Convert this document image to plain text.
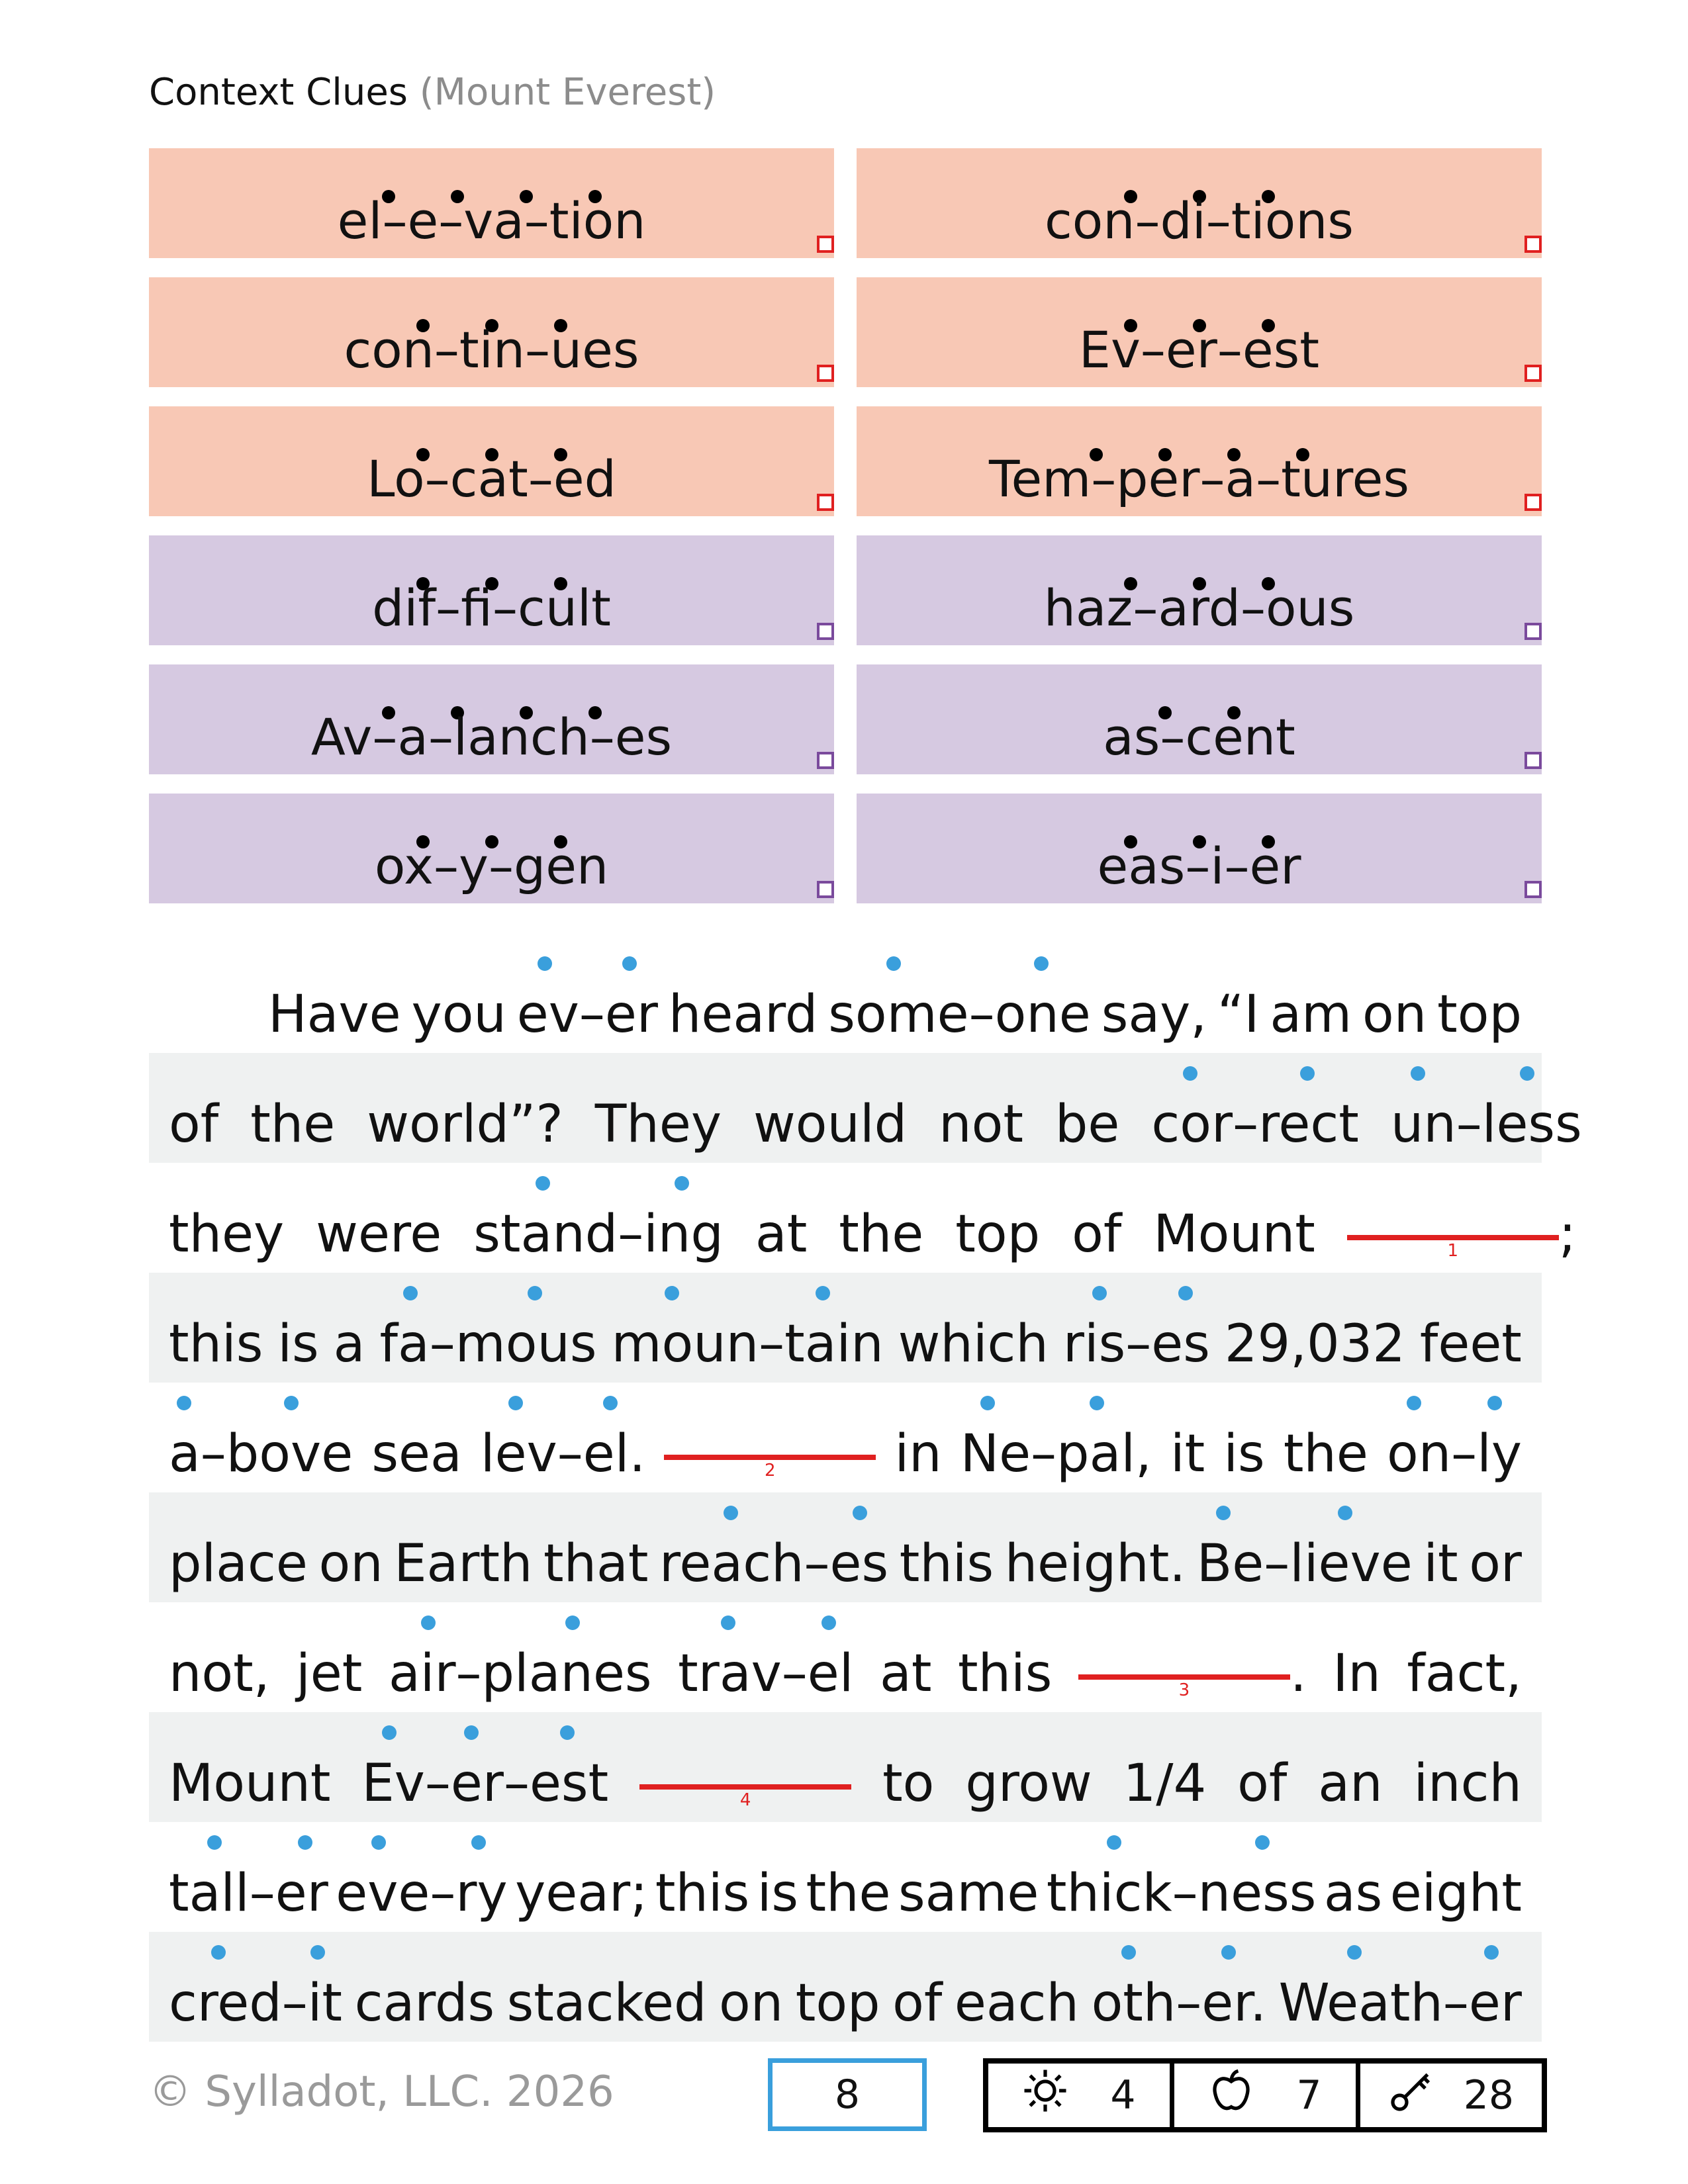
Context Clues (Mount Everest)
el–e–va–tion	con–di–tions
con–tin–ues	Ev–er–est
Lo–cat–ed	Tem–per–a–tures
dif–fi–cult	haz–ard–ous
Av–a–lanch–es	as–cent
ox–y–gen	eas–i–er
Have you ev–er heard some–one say, “I am on top
of the world”? They would not be cor–rect un–less
they were stand–ing at the top of Mount	1 ;
this is a fa–mous moun–tain which ris–es 29,032 feet
a–bove sea lev–el.	2 in Ne–pal, it is the on–ly
place on Earth that reach–es this height. Be–lieve it or
not, jet air–planes trav–el at this	3 . In fact,
Mount Ev–er–est	4	to grow 1/4 of an inch
tall–er eve–ry year; this is the same thick–ness as eight
cred–it cards stacked on top of each oth–er. Weath–er
© Sylladot, LLC. 2026	8	4	7	28
